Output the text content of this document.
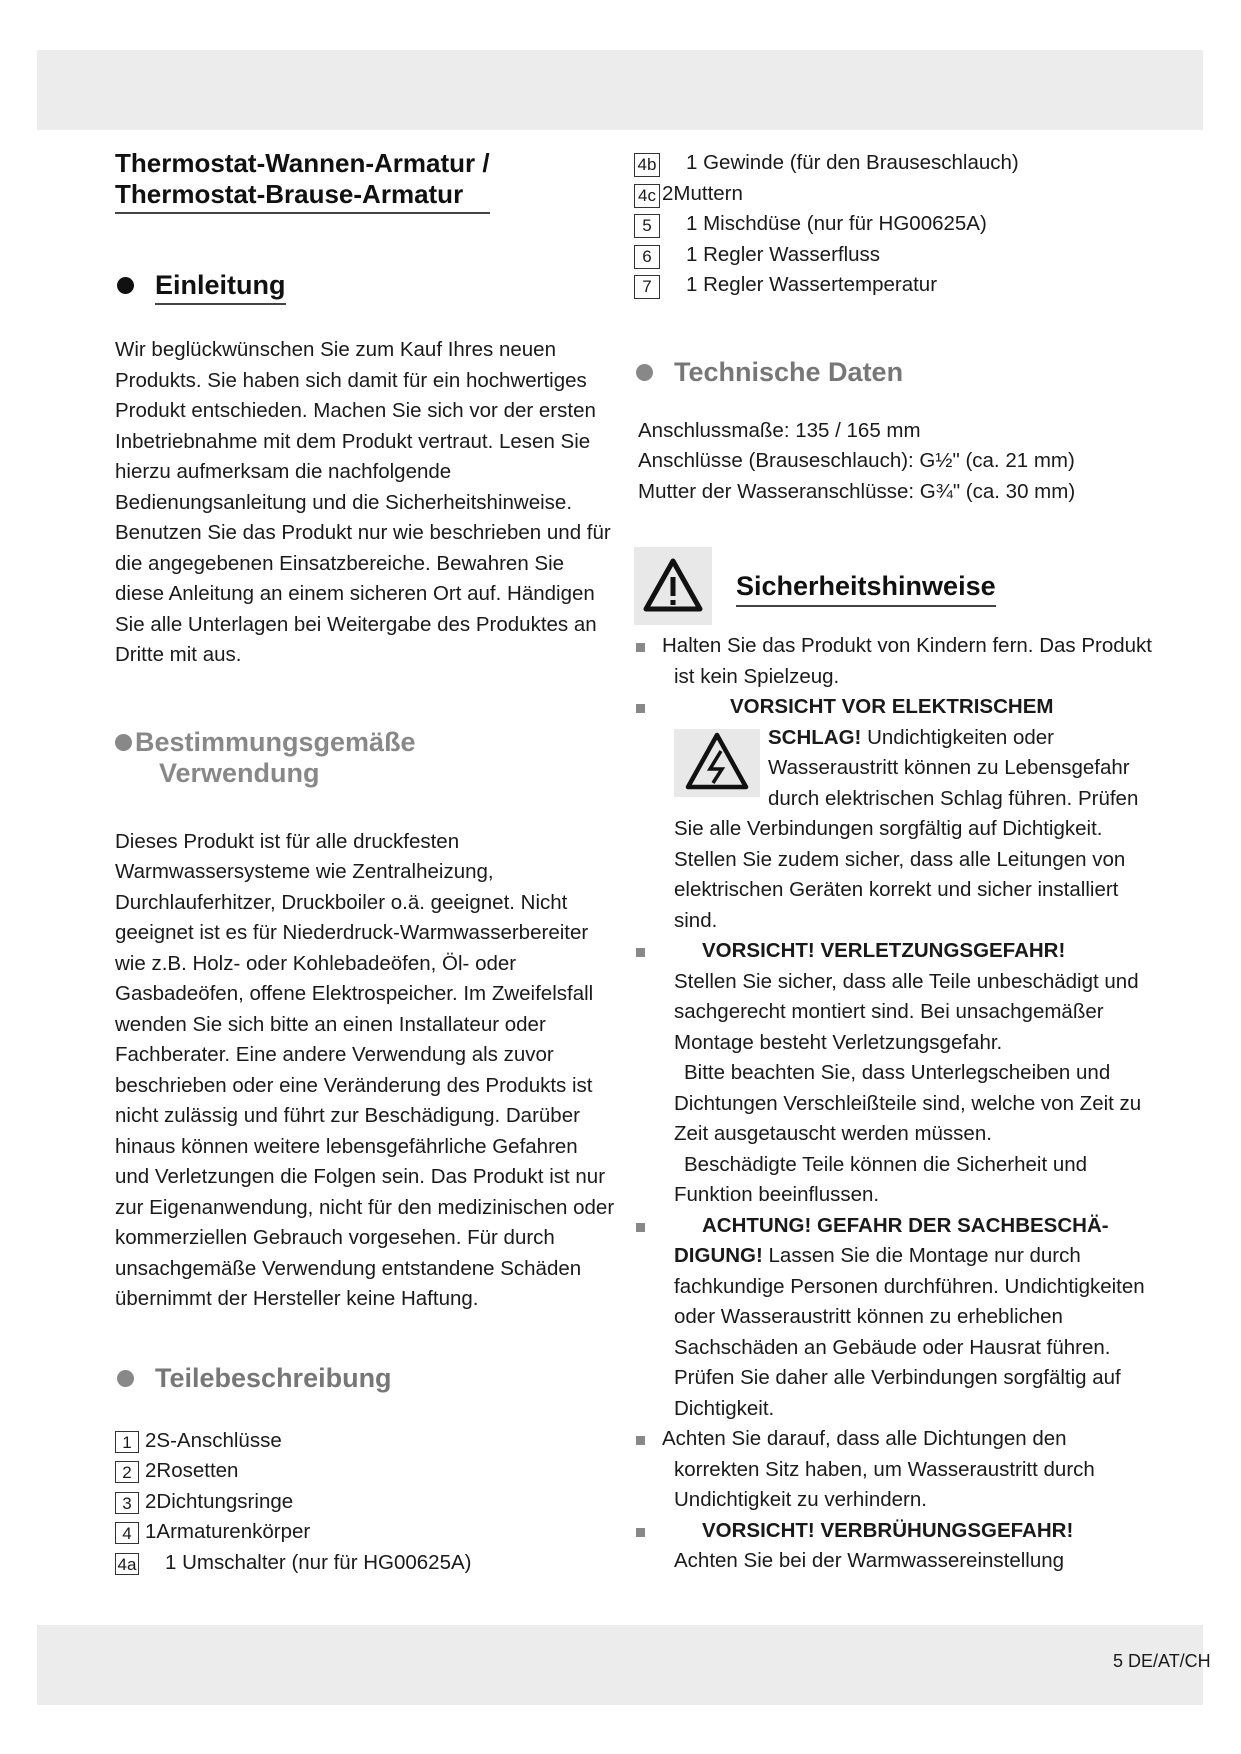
5 DE/AT/CH
Thermostat-Wannen-Armatur /
Thermostat-Brause-Armatur
Einleitung

Wir beglückwünschen Sie zum Kauf Ihres neuen Produkts. Sie haben sich damit für ein hochwertiges Produkt entschieden. Machen Sie sich vor der ersten Inbetriebnahme mit dem Produkt vertraut. Lesen Sie hierzu aufmerksam die nachfolgende Bedienungsanleitung und die Sicherheitshinweise. Benutzen Sie das Produkt nur wie beschrieben und für die angegebenen Einsatzbereiche. Bewahren Sie diese Anleitung an einem sicheren Ort auf. Händigen Sie alle Unterlagen bei Weitergabe des Produktes an Dritte mit aus.

Bestimmungsgemäße
Verwendung

Dieses Produkt ist für alle druckfesten Warmwassersysteme wie Zentralheizung, Durchlauferhitzer, Druckboiler o.ä. geeignet. Nicht geeignet ist es für Niederdruck-Warmwasserbereiter wie z.B. Holz- oder Kohlebadeöfen, Öl- oder Gasbadeöfen, offene Elektrospeicher. Im Zweifelsfall wenden Sie sich bitte an einen Installateur oder Fachberater. Eine andere Verwendung als zuvor beschrieben oder eine Veränderung des Produkts ist nicht zulässig und führt zur Beschädigung. Darüber hinaus können weitere lebensgefährliche Gefahren und Verletzungen die Folgen sein. Das Produkt ist nur zur Eigenanwendung, nicht für den medizinischen oder kommerziellen Gebrauch vorgesehen. Für durch unsachgemäße Verwendung entstandene Schäden übernimmt der Hersteller keine Haftung.

Teilebeschreibung
1 2S-Anschlüsse
2 2Rosetten
3 2Dichtungsringe
4 1Armaturenkörper
4a 1 Umschalter (nur für HG00625A)
4b 1 Gewinde (für den Brauseschlauch)
4c 2Muttern
5	1 Mischdüse (nur für HG00625A)
6	1 Regler Wasserfluss
7	1 Regler Wassertemperatur
Technische Daten
Anschlussmaße: 135 / 165 mm
Anschlüsse (Brauseschlauch): G½" (ca. 21 mm)
Mutter der Wasseranschlüsse: G¾" (ca. 30 mm)
Sicherheitshinweise
Halten Sie das Produkt von Kindern fern. Das Produkt ist kein Spielzeug.
VORSICHT VOR ELEKTRISCHEM
SCHLAG! Undichtigkeiten oder Wasseraustritt können zu Lebensgefahr durch elektrischen Schlag führen. Prüfen Sie alle Verbindungen sorgfältig auf Dichtigkeit. Stellen Sie zudem sicher, dass alle Leitungen von elektrischen Geräten korrekt und sicher installiert sind.
VORSICHT! VERLETZUNGSGEFAHR!
Stellen Sie sicher, dass alle Teile unbeschädigt und sachgerecht montiert sind. Bei unsachgemäßer Montage besteht Verletzungsgefahr.
Bitte beachten Sie, dass Unterlegscheiben und Dichtungen Verschleißteile sind, welche von Zeit zu Zeit ausgetauscht werden müssen.
Beschädigte Teile können die Sicherheit und Funktion beeinflussen.
ACHTUNG! GEFAHR DER SACHBESCHÄ-
DIGUNG! Lassen Sie die Montage nur durch fachkundige Personen durchführen. Undichtigkeiten oder Wasseraustritt können zu erheblichen Sachschäden an Gebäude oder Hausrat führen. Prüfen Sie daher alle Verbindungen sorgfältig auf Dichtigkeit.
Achten Sie darauf, dass alle Dichtungen den korrekten Sitz haben, um Wasseraustritt durch Undichtigkeit zu verhindern.
VORSICHT! VERBRÜHUNGSGEFAHR!
Achten Sie bei der Warmwassereinstellung
